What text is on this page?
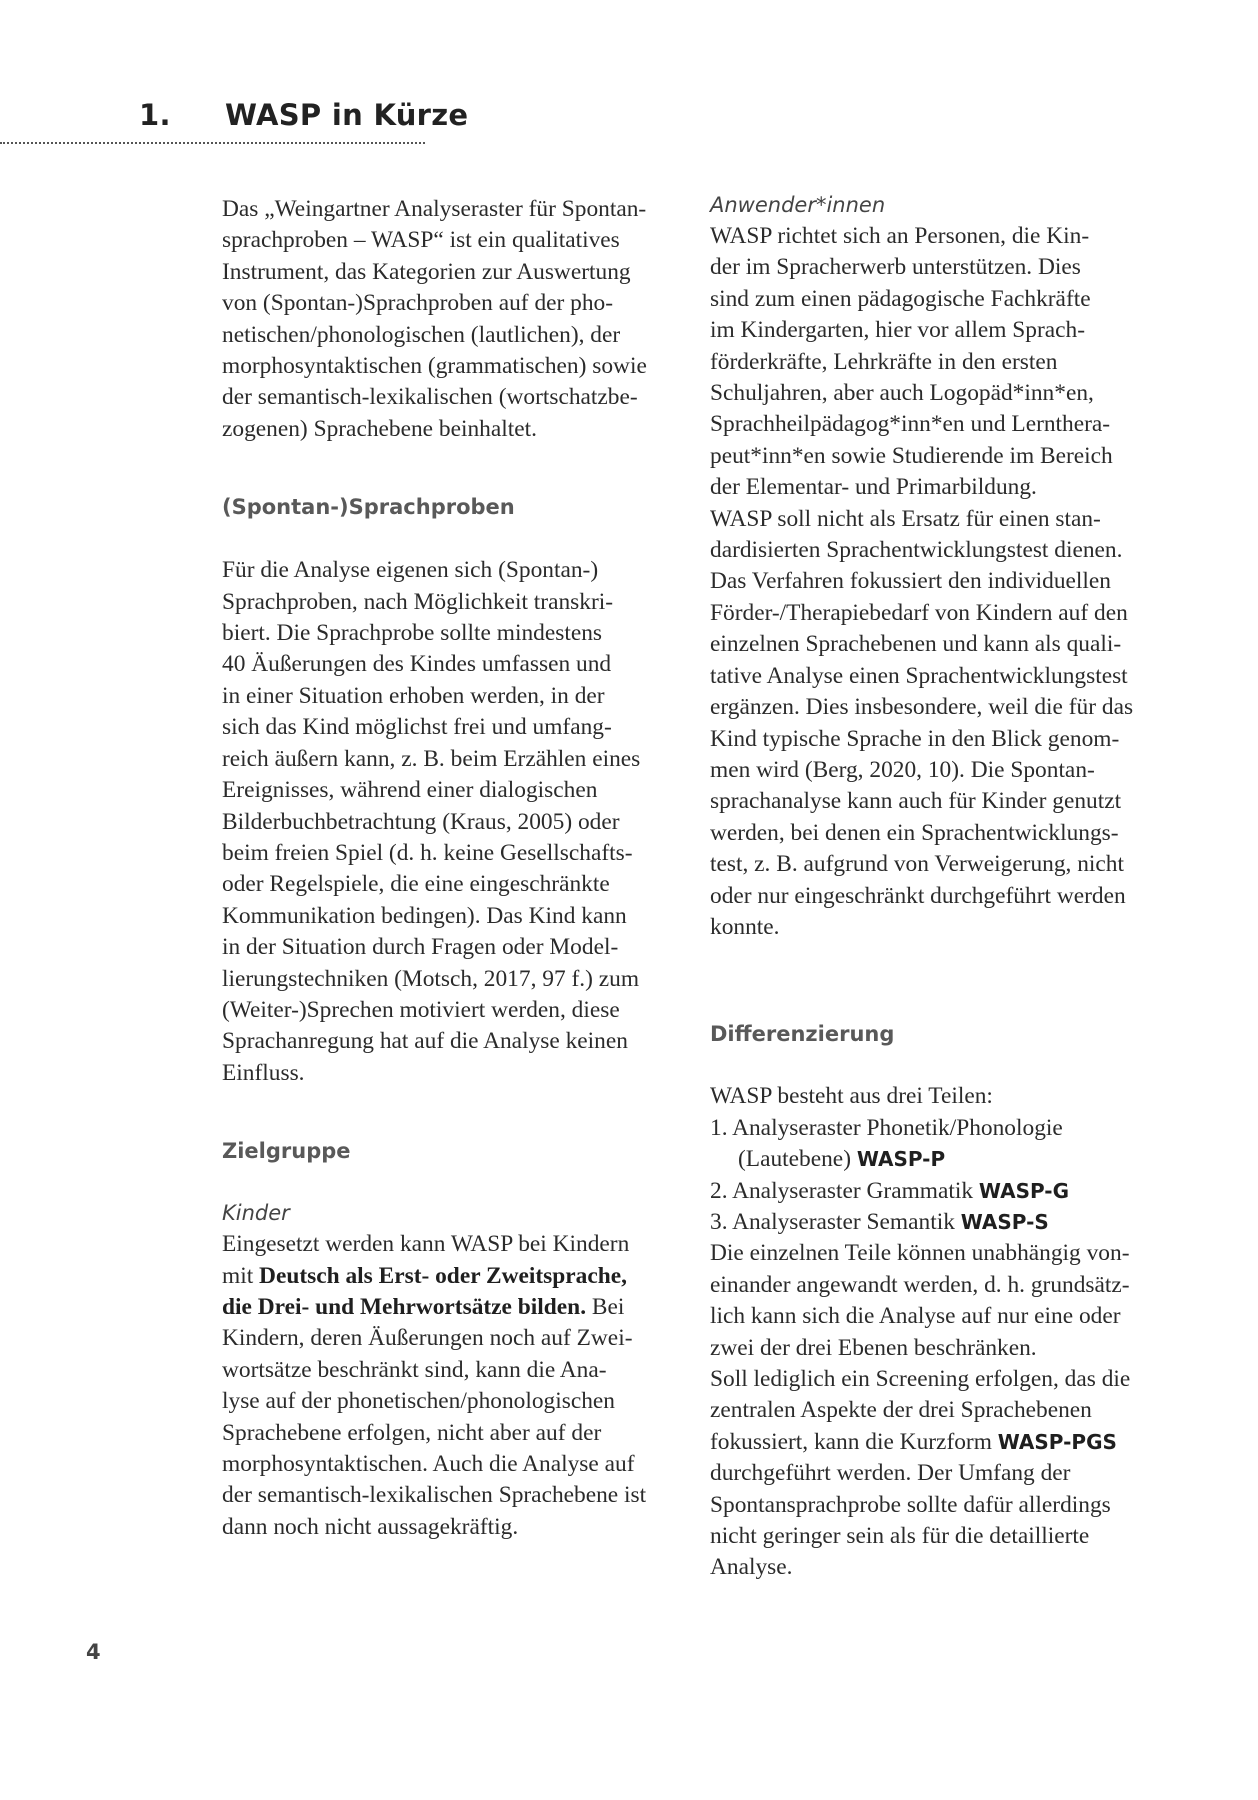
1. WASP in Kürze

Das „Weingartner Analyseraster für Spontan-
sprachproben – WASP“ ist ein qualitatives
Instrument, das Kategorien zur Auswertung
von (Spontan-)Sprachproben auf der pho-
netischen/phonologischen (lautlichen), der
morphosyntaktischen (grammatischen) sowie
der semantisch-lexikalischen (wortschatzbe-
zogenen) Sprachebene beinhaltet.

(Spontan-)Sprachproben

Für die Analyse eigenen sich (Spontan-)
Sprachproben, nach Möglichkeit transkri-
biert. Die Sprachprobe sollte mindestens
40 Äußerungen des Kindes umfassen und
in einer Situation erhoben werden, in der
sich das Kind möglichst frei und umfang-
reich äußern kann, z. B. beim Erzählen eines
Ereignisses, während einer dialogischen
Bilderbuchbetrachtung (Kraus, 2005) oder
beim freien Spiel (d. h. keine Gesellschafts-
oder Regelspiele, die eine eingeschränkte
Kommunikation bedingen). Das Kind kann
in der Situation durch Fragen oder Model-
lierungstechniken (Motsch, 2017, 97 f.) zum
(Weiter-)Sprechen motiviert werden, diese
Sprachanregung hat auf die Analyse keinen
Einfluss.

Zielgruppe
Kinder

Eingesetzt werden kann WASP bei Kindern
mit Deutsch als Erst- oder Zweitsprache,
die Drei- und Mehrwortsätze bilden. Bei
Kindern, deren Äußerungen noch auf Zwei-
wortsätze beschränkt sind, kann die Ana-
lyse auf der phonetischen/phonologischen
Sprachebene erfolgen, nicht aber auf der
morphosyntaktischen. Auch die Analyse auf
der semantisch-lexikalischen Sprachebene ist
dann noch nicht aussagekräftig.

Anwender*innen

WASP richtet sich an Personen, die Kin-
der im Spracherwerb unterstützen. Dies
sind zum einen pädagogische Fachkräfte
im Kindergarten, hier vor allem Sprach-
förderkräfte, Lehrkräfte in den ersten
Schuljahren, aber auch Logopäd*inn*en,
Sprachheilpädagog*inn*en und Lernthera-
peut*inn*en sowie Studierende im Bereich
der Elementar- und Primarbildung.
WASP soll nicht als Ersatz für einen stan-
dardisierten Sprachentwicklungstest dienen.
Das Verfahren fokussiert den individuellen
Förder-/Therapiebedarf von Kindern auf den
einzelnen Sprachebenen und kann als quali-
tative Analyse einen Sprachentwicklungstest
ergänzen. Dies insbesondere, weil die für das
Kind typische Sprache in den Blick genom-
men wird (Berg, 2020, 10). Die Spontan-
sprachanalyse kann auch für Kinder genutzt
werden, bei denen ein Sprachentwicklungs-
test, z. B. aufgrund von Verweigerung, nicht
oder nur eingeschränkt durchgeführt werden
konnte.

Differenzierung

WASP besteht aus drei Teilen:

1. Analyseraster Phonetik/Phonologie

(Lautebene) WASP-P

2. Analyseraster Grammatik WASP-G

3. Analyseraster Semantik WASP-S

Die einzelnen Teile können unabhängig von-
einander angewandt werden, d. h. grundsätz-
lich kann sich die Analyse auf nur eine oder
zwei der drei Ebenen beschränken.
Soll lediglich ein Screening erfolgen, das die
zentralen Aspekte der drei Sprachebenen
fokussiert, kann die Kurzform WASP-PGS
durchgeführt werden. Der Umfang der
Spontansprachprobe sollte dafür allerdings
nicht geringer sein als für die detaillierte
Analyse.

4
